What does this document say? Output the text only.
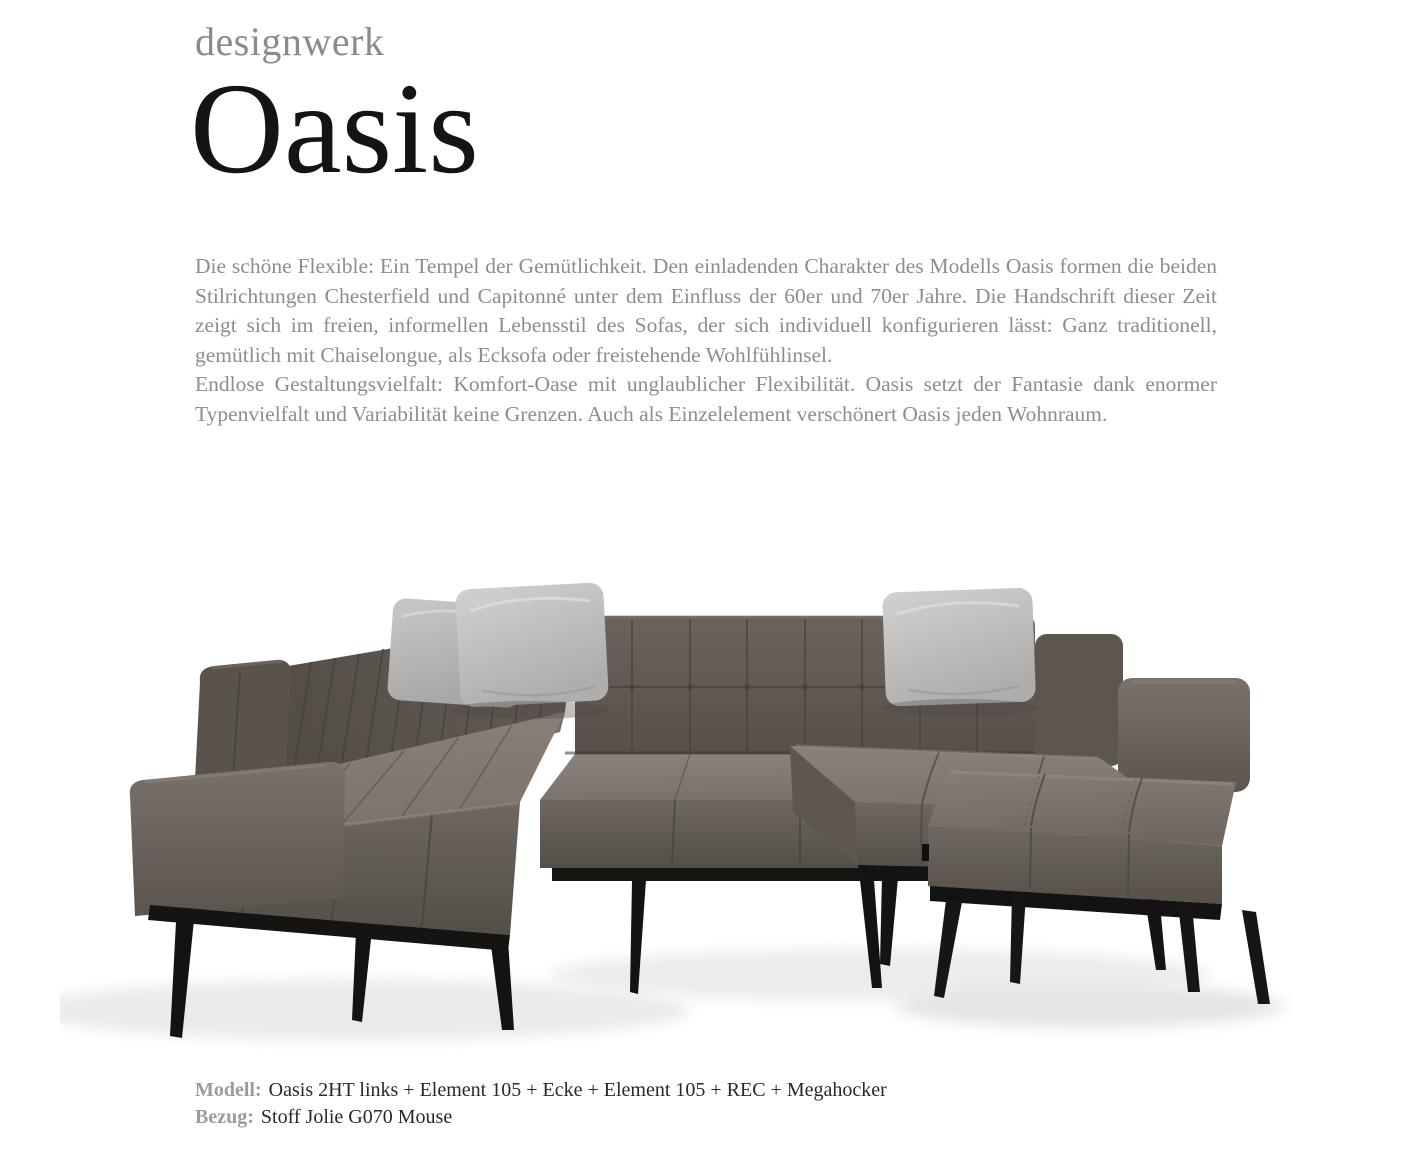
designwerk
Oasis

Die schöne Flexible: Ein Tempel der Gemütlichkeit. Den einladenden Charakter des Modells Oasis formen die beiden Stilrichtungen Chesterfield und Capitonné unter dem Einfluss der 60er und 70er Jahre. Die Handschrift dieser Zeit zeigt sich im freien, informellen Lebensstil des Sofas, der sich individuell konfigurieren lässt: Ganz traditionell, gemütlich mit Chaiselongue, als Ecksofa oder freistehende Wohlfühlinsel.

Endlose Gestaltungsvielfalt: Komfort-Oase mit unglaublicher Flexibilität. Oasis setzt der Fantasie dank enormer Typenvielfalt und Variabilität keine Grenzen. Auch als Einzelelement verschönert Oasis jeden Wohnraum.

Modell: Oasis 2HT links + Element 105 + Ecke + Element 105 + REC + Megahocker
Bezug: Stoff Jolie G070 Mouse
